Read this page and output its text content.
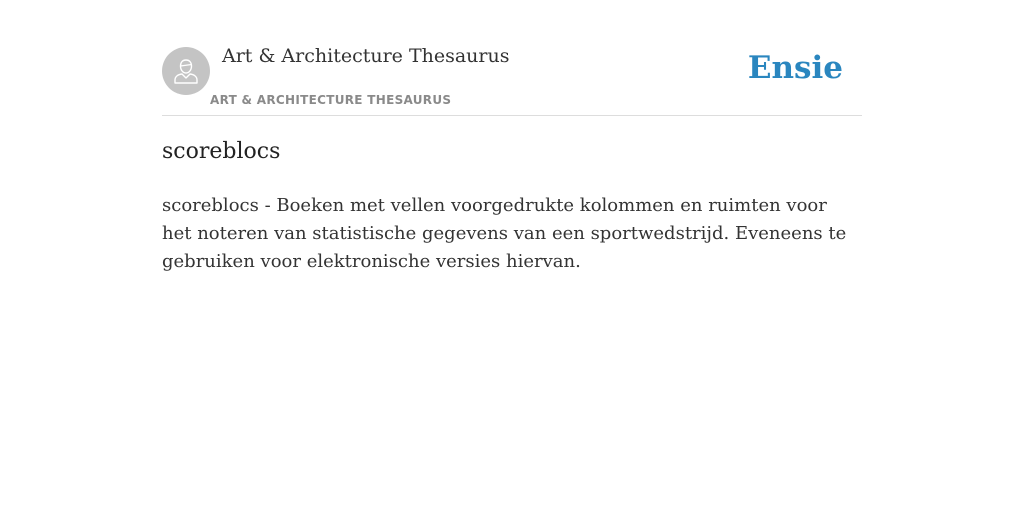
Art & Architecture Thesaurus
ART & ARCHITECTURE THESAURUS
Ensie
scoreblocs

scoreblocs - Boeken met vellen voorgedrukte kolommen en ruimten voor het noteren van statistische gegevens van een sportwedstrijd. Eveneens te gebruiken voor elektronische versies hiervan.
